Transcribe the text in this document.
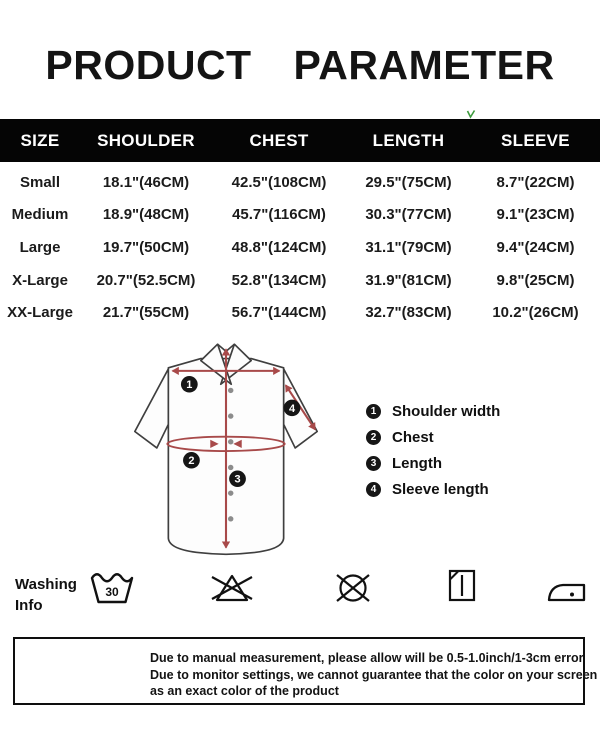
PRODUCT PARAMETER
SIZE	SHOULDER	CHEST	LENGTH	SLEEVE
Small	18.1"(46CM)	42.5"(108CM)	29.5"(75CM)	8.7"(22CM)
Medium	18.9"(48CM)	45.7"(116CM)	30.3"(77CM)	9.1"(23CM)
Large	19.7"(50CM)	48.8"(124CM)	31.1"(79CM)	9.4"(24CM)
X-Large	20.7"(52.5CM)	52.8"(134CM)	31.9"(81CM)	9.8"(25CM)
XX-Large	21.7"(55CM)	56.7"(144CM)	32.7"(83CM)	10.2"(26CM)
1
2
3
4	1	Shoulder width
2	Chest
3	Length
4	Sleeve length
Washing
Info
30
Due to manual measurement, please allow will be 0.5-1.0inch/1-3cm error
Due to monitor settings, we cannot guarantee that the color on your screen
as an exact color of the product
